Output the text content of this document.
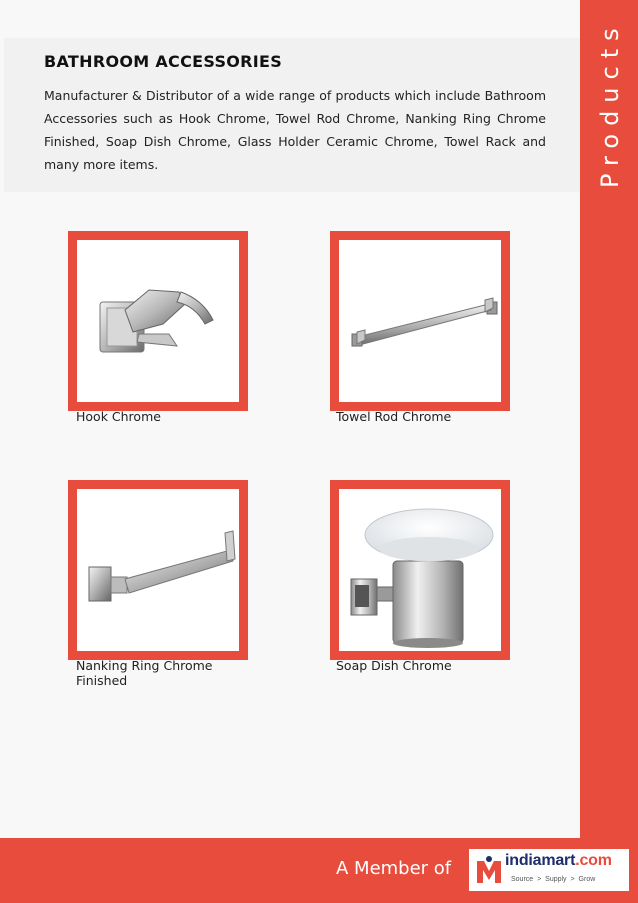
Products
BATHROOM ACCESSORIES

Manufacturer & Distributor of a wide range of products which include Bathroom Accessories such as Hook Chrome, Towel Rod Chrome, Nanking Ring Chrome Finished, Soap Dish Chrome, Glass Holder Ceramic Chrome, Towel Rack and many more items.

Hook Chrome	Towel Rod Chrome
Nanking Ring Chrome Finished
Soap Dish Chrome
A Member of	indiamart.com
Source > Supply > Grow
